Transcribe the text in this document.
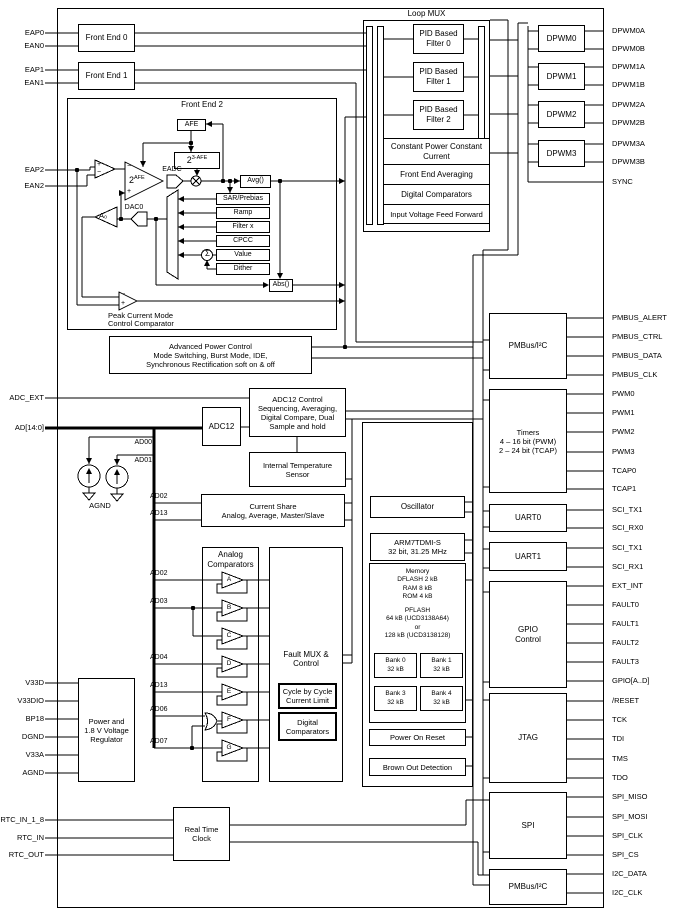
EAP0
EAN0
EAP1
EAN1
EAP2
EAN2
ADC_EXT
AD[14:0]
V33D
V33DIO
BP18
DGND
V33A
AGND
RTC_IN_1_8
RTC_IN
RTC_OUT
DPWM0A
DPWM0B
DPWM1A
DPWM1B
DPWM2A
DPWM2B
DPWM3A
DPWM3B
SYNC
PMBUS_ALERT
PMBUS_CTRL
PMBUS_DATA
PMBUS_CLK
PWM0
PWM1
PWM2
PWM3
TCAP0
TCAP1
SCI_TX1
SCI_RX0
SCI_TX1
SCI_RX1
EXT_INT
FAULT0
FAULT1
FAULT2
FAULT3
GPIO[A..D]
/RESET
TCK
TDI
TMS
TDO
SPI_MISO
SPI_MOSI
SPI_CLK
SPI_CS
I2C_DATA
I2C_CLK
Front End 0
Front End 1
Front End 2
AFE
$2^{3-AFE}$
$2^{AFE}$
EADC
DAC0
A₀
Σ
Avg()
SAR/Prebias
Ramp
Filter x
CPCC
Value
Dither
Abs()
+
−
−
+
−
+
Peak Current Mode
Control Comparator
Loop MUX
PID Based
Filter 0
PID Based
Filter 1
PID Based
Filter 2
Constant Power Constant
Current
Front End Averaging
Digital Comparators
Input Voltage Feed Forward
DPWM0
DPWM1
DPWM2
DPWM3
Advanced Power Control
Mode Switching, Burst Mode, IDE,
Synchronous Rectification soft on & off
ADC12 Control
Sequencing, Averaging,
Digital Compare, Dual
Sample and hold
ADC12
Internal Temperature
Sensor
Current Share
Analog, Average, Master/Slave
AD00
AD01
AD02
AD13
AD02
AD03
AD04
AD13
AD06
AD07
AGND
Analog
Comparators
A
B
C
D
E
F
G
Fault MUX &
Control
Cycle by Cycle
Current Limit
Digital
Comparators
Oscillator
ARM7TDMI-S
32 bit, 31.25 MHz
Memory
DFLASH 2 kB
RAM 8 kB
ROM 4 kB
PFLASH
64 kB (UCD3138A64)
or
128 kB (UCD3138128)
Bank 0
32 kB
Bank 1
32 kB
Bank 3
32 kB
Bank 4
32 kB
Power On Reset
Brown Out Detection
PMBus/I²C
Timers
4 – 16 bit (PWM)
2 – 24 bit (TCAP)
UART0
UART1
GPIO
Control
JTAG
SPI
PMBus/I²C
Power and
1.8 V Voltage
Regulator
Real Time
Clock
